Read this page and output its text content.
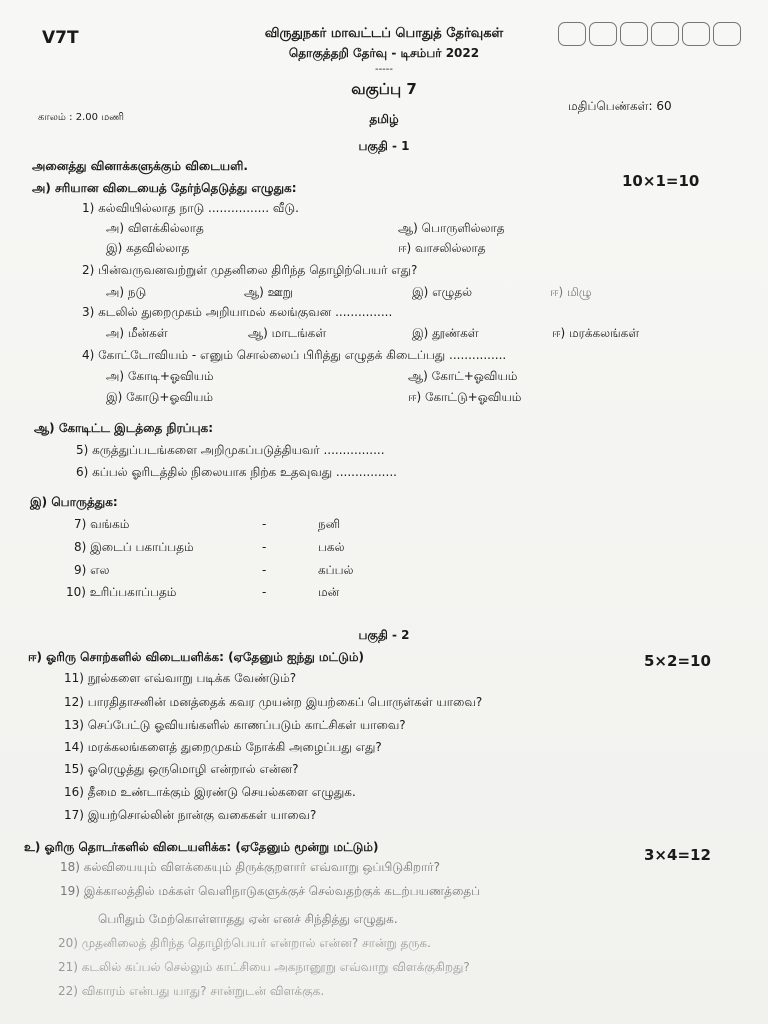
V7T	விருதுநகர் மாவட்டப் பொதுத் தேர்வுகள்
தொகுத்தறி தேர்வு - டிசம்பர் 2022
-----
வகுப்பு 7
காலம் : 2.00 மணி
மதிப்பெண்கள்: 60
தமிழ்
பகுதி - 1
அனைத்து வினாக்களுக்கும் விடையளி.
அ) சரியான விடையைத் தேர்ந்தெடுத்து எழுதுக:	10×1=10
1) கல்வியில்லாத நாடு ................ வீடு.
அ) விளக்கில்லாத	ஆ) பொருளில்லாத
இ) கதவில்லாத	ஈ) வாசலில்லாத
2) பின்வருவனவற்றுள் முதனிலை திரிந்த தொழிற்பெயர் எது?
அ) நடு	ஆ) ஊறு	இ) எழுதல்	ஈ) மிழு
3) கடலில் துறைமுகம் அறியாமல் கலங்குவன ...............
அ) மீன்கள்	ஆ) மாடங்கள்	இ) தூண்கள்	ஈ) மரக்கலங்கள்
4) கோட்டோவியம் - எனும் சொல்லைப் பிரித்து எழுதக் கிடைப்பது ...............
அ) கோடி+ஓவியம்	ஆ) கோட்+ஓவியம்
இ) கோடு+ஓவியம்	ஈ) கோட்டு+ஓவியம்
ஆ) கோடிட்ட இடத்தை நிரப்புக:
5) கருத்துப்படங்களை அறிமுகப்படுத்தியவர் ................
6) கப்பல் ஓரிடத்தில் நிலையாக நிற்க உதவுவது ................
இ) பொருத்துக:
7) வங்கம்	-	நனி
8) இடைப் பகாப்பதம்	-	பகல்
9) எல	-	கப்பல்
10) உரிப்பகாப்பதம்	-	மன்
பகுதி - 2
ஈ) ஓரிரு சொற்களில் விடையளிக்க: (ஏதேனும் ஐந்து மட்டும்)	5×2=10
11) நூல்களை எவ்வாறு படிக்க வேண்டும்?
12) பாரதிதாசனின் மனத்தைக் கவர முயன்ற இயற்கைப் பொருள்கள் யாவை?
13) செப்பேட்டு ஓவியங்களில் காணப்படும் காட்சிகள் யாவை?
14) மரக்கலங்களைத் துறைமுகம் நோக்கி அழைப்பது எது?
15) ஓரெழுத்து ஒருமொழி என்றால் என்ன?
16) தீமை உண்டாக்கும் இரண்டு செயல்களை எழுதுக.
17) இயற்சொல்லின் நான்கு வகைகள் யாவை?
உ) ஓரிரு தொடர்களில் விடையளிக்க: (ஏதேனும் மூன்று மட்டும்)	3×4=12
18) கல்வியையும் விளக்கையும் திருக்குறளார் எவ்வாறு ஒப்பிடுகிறார்?
19) இக்காலத்தில் மக்கள் வெளிநாடுகளுக்குச் செல்வதற்குக் கடற்பயணத்தைப்
பெரிதும் மேற்கொள்ளாதது ஏன் எனச் சிந்தித்து எழுதுக.
20) முதனிலைத் திரிந்த தொழிற்பெயர் என்றால் என்ன? சான்று தருக.
21) கடலில் கப்பல் செல்லும் காட்சியை அகநானூறு எவ்வாறு விளக்குகிறது?
22) விகாரம் என்பது யாது? சான்றுடன் விளக்குக.
